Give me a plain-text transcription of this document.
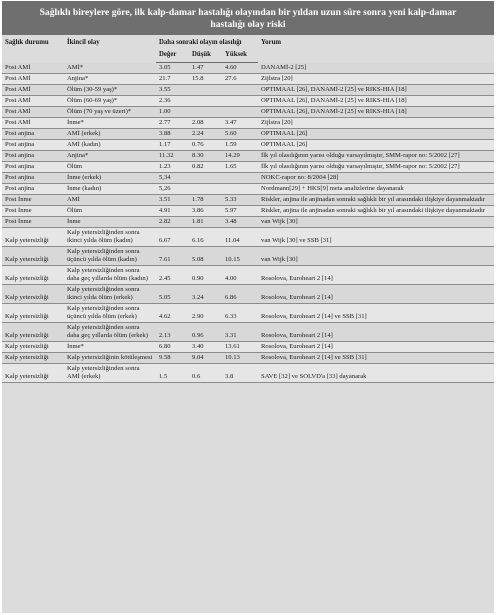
Sağlıklı bireylere göre, ilk kalp-damar hastalığı olayından bir yıldan uzun süre sonra yeni kalp-damar
hastalığı olay riski
Sağlık durumu	İkincil olay	Daha sonraki olayın olasılığı			Yorum
		Değer	Düşük	Yüksek	
Post AMİ	AMİ*	3.05	1.47	4.60	DANAMİ-2 [25]
Post AMİ	Anjina*	21.7	15.8	27.6	Zijlstra [20]
Post AMİ	Ölüm (30-59 yaş)*	3.55			OPTIMAAL [26], DANAMİ-2 [25] ve RIKS-HIA [18]
Post AMİ	Ölüm (60-69 yaş)*	2.36			OPTIMAAL [26], DANAMİ-2 [25] ve RIKS-HIA [18]
Post AMİ	Ölüm (70 yaş ve üzeri)*	1.00			OPTIMAAL [26], DANAMİ-2 [25] ve RIKS-HIA [18]
Post AMİ	İnme*	2.77	2.08	3.47	Zijlstra [20]
Post anjina	AMİ (erkek)	3.88	2.24	5.60	OPTIMAAL [26]
Post anjina	AMİ (kadın)	1.17	0.76	1.59	OPTIMAAL [26]
Post anjina	Anjina*	11.32	8.30	14.29	İlk yıl olasılığının yarısı olduğu varsayılmıştır, SMM-rapor no: 5/2002 [27]
Post anjina	Ölüm	1.23	0.82	1.65	İlk yıl olasılığının yarısı olduğu varsayılmıştır, SMM-rapor no: 5/2002 [27]
Post anjina	İnme (erkek)	5,34			NOKC-rapor no: 8/2004 [28]
Post anjina	İnme (kadın)	5,26			Nordmann[29] + HKS[9] meta analizlerine dayanarak
Post İnme	AMİ	3.51	1.78	5.33	Riskler, anjina ile anjinadan sonraki sağlıklı bir yıl arasındaki ilişkiye dayanmaktadır
Post İnme	Ölüm	4.91	3.86	5.97	Riskler, anjina ile anjinadan sonraki sağlıklı bir yıl arasındaki ilişkiye dayanmaktadır
Post İnme	İnme	2.82	1.81	3.48	van Wijk [30]
Kalp yetersizliği	Kalp yetersizliğinden sonra ikinci yılda ölüm (kadın)	6.67	6.16	11.04	van Wijk [30] ve SSB [31]
Kalp yetersizliği	Kalp yetersizliğinden sonra üçüncü yılda ölüm (kadın)	7.61	5.08	10.15	van Wijk [30]
Kalp yetersizliği	Kalp yetersizliğinden sonra daha geç yıllarda ölüm (kadın)	2.45	0.90	4.00	Rosolova, Euroheart 2 [14]
Kalp yetersizliği	Kalp yetersizliğinden sonra ikinci yılda ölüm (erkek)	5.05	3.24	6.86	Rosolova, Euroheart 2 [14]
Kalp yetersizliği	Kalp yetersizliğinden sonra üçüncü yılda ölüm (erkek)	4.62	2.90	6.33	Rosolova, Euroheart 2 [14] ve SSB [31]
Kalp yetersizliği	Kalp yetersizliğinden sonra daha geç yıllarda ölüm (erkek)	2.13	0.96	3.31	Rosolova, Euroheart 2 [14]
Kalp yetersizliği	İnme*	6.80	3.40	13.61	Rosolova, Euroheart 2 [14]
Kalp yetersizliği	Kalp yetersizliğinin kötüleşmesi	9.58	9.04	10.13	Rosolova, Euroheart 2 [14] ve SSB [31]
Kalp yetersizliği	Kalp yetersizliğinden sonra AMİ (erkek)	1.5	0.6	3.8	SAVE [32] ve SOLVD'a [33] dayanarak
